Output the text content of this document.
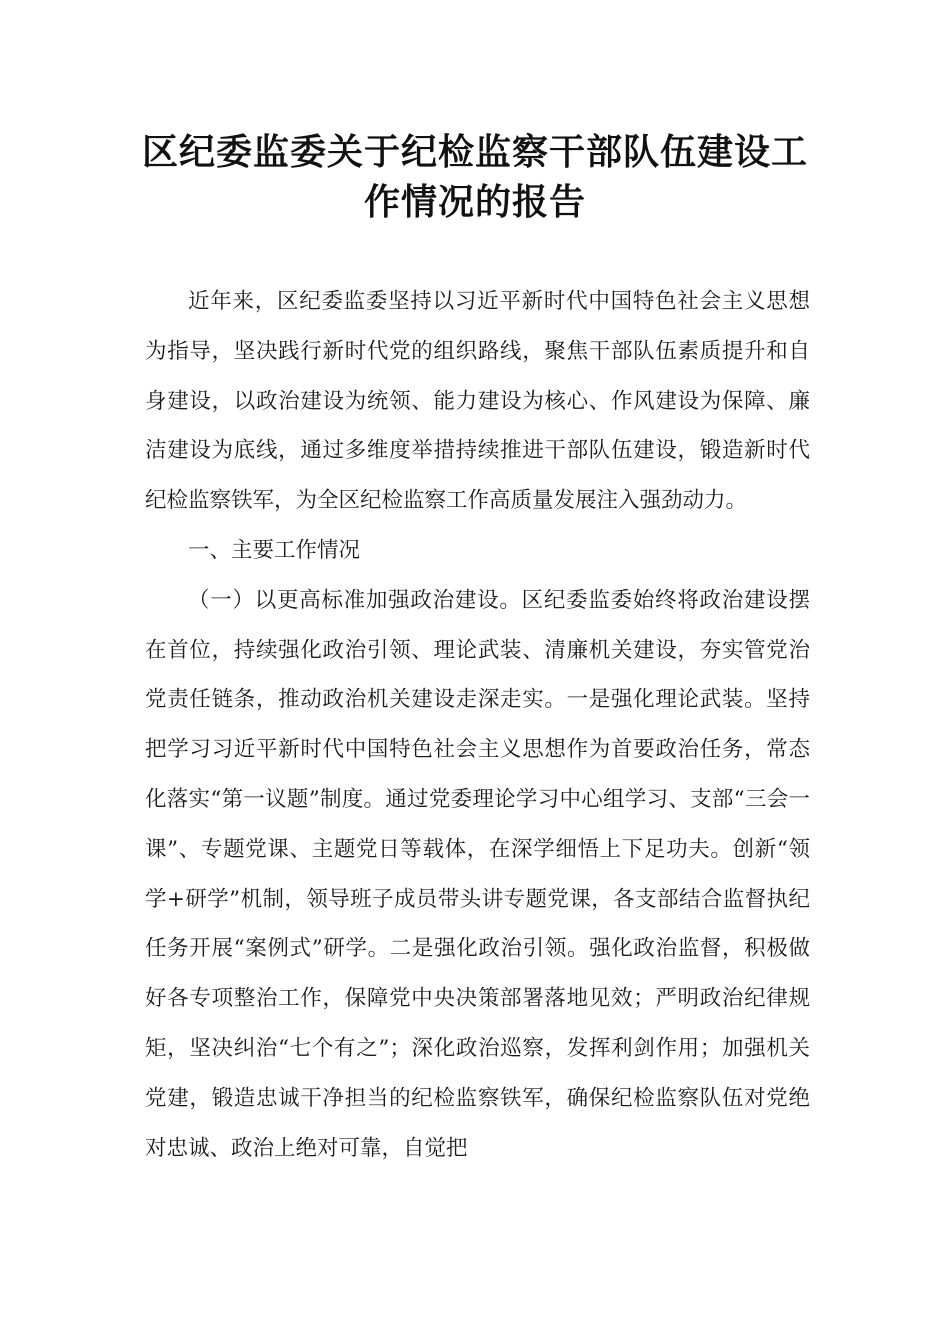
区纪委监委关于纪检监察干部队伍建设工
作情况的报告

近年来，区纪委监委坚持以习近平新时代中国特色社会主义思想为指导，坚决践行新时代党的组织路线，聚焦干部队伍素质提升和自身建设，以政治建设为统领、能力建设为核心、作风建设为保障、廉洁建设为底线，通过多维度举措持续推进干部队伍建设，锻造新时代纪检监察铁军，为全区纪检监察工作高质量发展注入强劲动力。

一、主要工作情况

（一）以更高标准加强政治建设。区纪委监委始终将政治建设摆在首位，持续强化政治引领、理论武装、清廉机关建设，夯实管党治党责任链条，推动政治机关建设走深走实。一是强化理论武装。坚持把学习习近平新时代中国特色社会主义思想作为首要政治任务，常态化落实“第一议题”制度。通过党委理论学习中心组学习、支部“三会一课”、专题党课、主题党日等载体，在深学细悟上下足功夫。创新“领学+研学”机制，领导班子成员带头讲专题党课，各支部结合监督执纪任务开展“案例式”研学。二是强化政治引领。强化政治监督，积极做好各专项整治工作，保障党中央决策部署落地见效；严明政治纪律规矩，坚决纠治“七个有之”；深化政治巡察，发挥利剑作用；加强机关党建，锻造忠诚干净担当的纪检监察铁军，确保纪检监察队伍对党绝对忠诚、政治上绝对可靠，自觉把
